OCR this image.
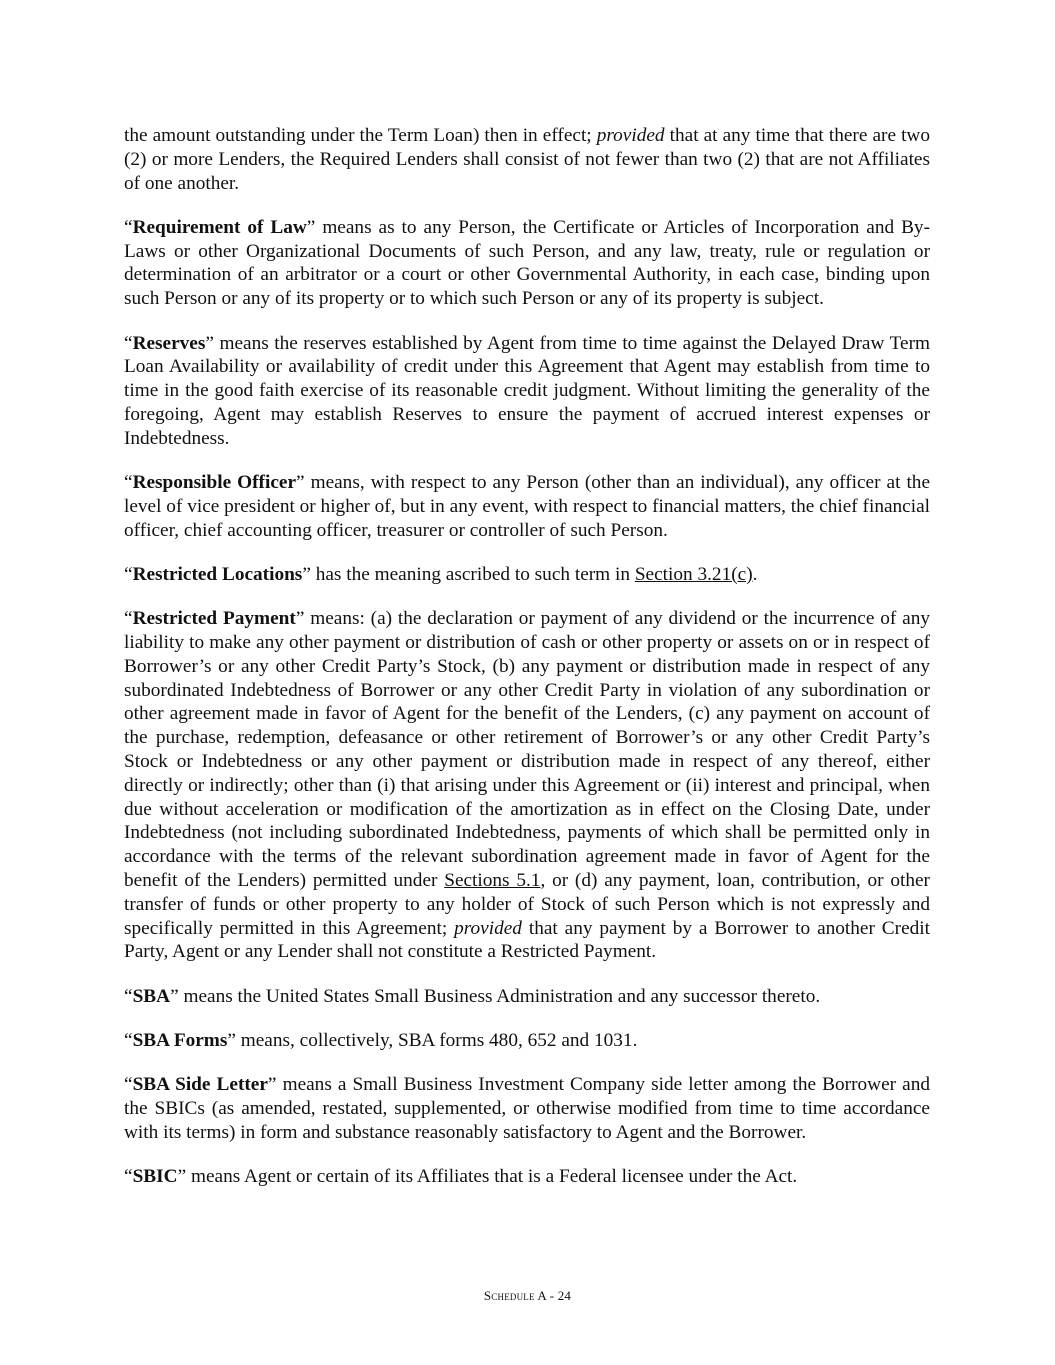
the amount outstanding under the Term Loan) then in effect; provided that at any time that there are two (2) or more Lenders, the Required Lenders shall consist of not fewer than two (2) that are not Affiliates of one another.

“Requirement of Law” means as to any Person, the Certificate or Articles of Incorporation and By-Laws or other Organizational Documents of such Person, and any law, treaty, rule or regulation or determination of an arbitrator or a court or other Governmental Authority, in each case, binding upon such Person or any of its property or to which such Person or any of its property is subject.

“Reserves” means the reserves established by Agent from time to time against the Delayed Draw Term Loan Availability or availability of credit under this Agreement that Agent may establish from time to time in the good faith exercise of its reasonable credit judgment. Without limiting the generality of the foregoing, Agent may establish Reserves to ensure the payment of accrued interest expenses or Indebtedness.

“Responsible Officer” means, with respect to any Person (other than an individual), any officer at the level of vice president or higher of, but in any event, with respect to financial matters, the chief financial officer, chief accounting officer, treasurer or controller of such Person.

“Restricted Locations” has the meaning ascribed to such term in Section 3.21(c).

“Restricted Payment” means: (a) the declaration or payment of any dividend or the incurrence of any liability to make any other payment or distribution of cash or other property or assets on or in respect of Borrower’s or any other Credit Party’s Stock, (b) any payment or distribution made in respect of any subordinated Indebtedness of Borrower or any other Credit Party in violation of any subordination or other agreement made in favor of Agent for the benefit of the Lenders, (c) any payment on account of the purchase, redemption, defeasance or other retirement of Borrower’s or any other Credit Party’s Stock or Indebtedness or any other payment or distribution made in respect of any thereof, either directly or indirectly; other than (i) that arising under this Agreement or (ii) interest and principal, when due without acceleration or modification of the amortization as in effect on the Closing Date, under Indebtedness (not including subordinated Indebtedness, payments of which shall be permitted only in accordance with the terms of the relevant subordination agreement made in favor of Agent for the benefit of the Lenders) permitted under Sections 5.1, or (d) any payment, loan, contribution, or other transfer of funds or other property to any holder of Stock of such Person which is not expressly and specifically permitted in this Agreement; provided that any payment by a Borrower to another Credit Party, Agent or any Lender shall not constitute a Restricted Payment.

“SBA” means the United States Small Business Administration and any successor thereto.

“SBA Forms” means, collectively, SBA forms 480, 652 and 1031.

“SBA Side Letter” means a Small Business Investment Company side letter among the Borrower and the SBICs (as amended, restated, supplemented, or otherwise modified from time to time accordance with its terms) in form and substance reasonably satisfactory to Agent and the Borrower.

“SBIC” means Agent or certain of its Affiliates that is a Federal licensee under the Act.

Schedule A - 24
